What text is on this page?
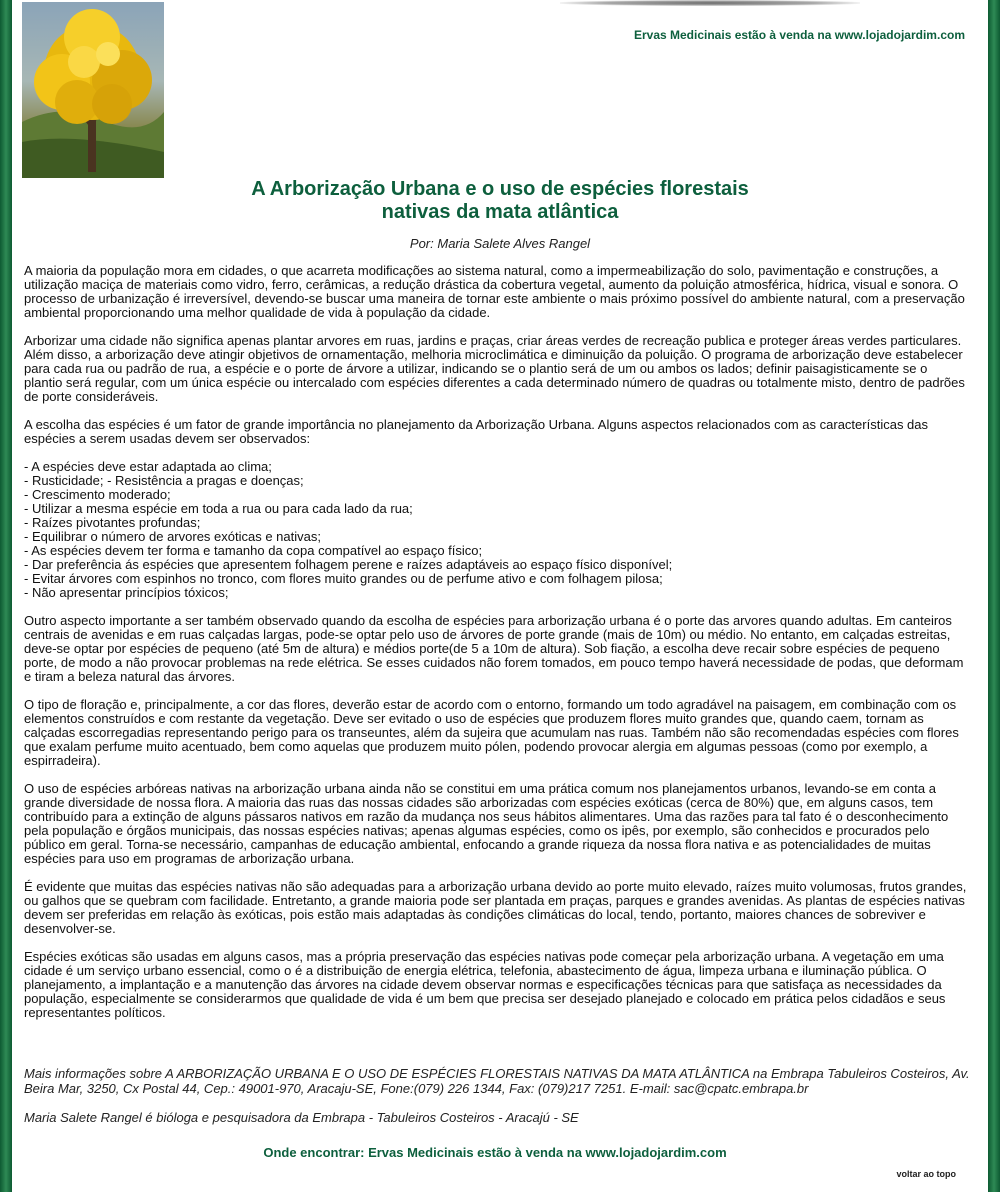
Ervas Medicinais estão à venda na www.lojadojardim.com
A Arborização Urbana e o uso de espécies florestais
nativas da mata atlântica
Por: Maria Salete Alves Rangel

A maioria da população mora em cidades, o que acarreta modificações ao sistema natural, como a impermeabilização do solo, pavimentação e construções, a utilização maciça de materiais como vidro, ferro, cerâmicas, a redução drástica da cobertura vegetal, aumento da poluição atmosférica, hídrica, visual e sonora. O processo de urbanização é irreversível, devendo-se buscar uma maneira de tornar este ambiente o mais próximo possível do ambiente natural, com a preservação ambiental proporcionando uma melhor qualidade de vida à população da cidade.

Arborizar uma cidade não significa apenas plantar arvores em ruas, jardins e praças, criar áreas verdes de recreação publica e proteger áreas verdes particulares. Além disso, a arborização deve atingir objetivos de ornamentação, melhoria microclimática e diminuição da poluição. O programa de arborização deve estabelecer para cada rua ou padrão de rua, a espécie e o porte de árvore a utilizar, indicando se o plantio será de um ou ambos os lados; definir paisagisticamente se o plantio será regular, com um única espécie ou intercalado com espécies diferentes a cada determinado número de quadras ou totalmente misto, dentro de padrões de porte consideráveis.

A escolha das espécies é um fator de grande importância no planejamento da Arborização Urbana. Alguns aspectos relacionados com as características das espécies a serem usadas devem ser observados:

- A espécies deve estar adaptada ao clima;
- Rusticidade; - Resistência a pragas e doenças;
- Crescimento moderado;
- Utilizar a mesma espécie em toda a rua ou para cada lado da rua;
- Raízes pivotantes profundas;
- Equilibrar o número de arvores exóticas e nativas;
- As espécies devem ter forma e tamanho da copa compatível ao espaço físico;
- Dar preferência ás espécies que apresentem folhagem perene e raízes adaptáveis ao espaço físico disponível;
- Evitar árvores com espinhos no tronco, com flores muito grandes ou de perfume ativo e com folhagem pilosa;
- Não apresentar princípios tóxicos;

Outro aspecto importante a ser também observado quando da escolha de espécies para arborização urbana é o porte das arvores quando adultas. Em canteiros centrais de avenidas e em ruas calçadas largas, pode-se optar pelo uso de árvores de porte grande (mais de 10m) ou médio. No entanto, em calçadas estreitas, deve-se optar por espécies de pequeno (até 5m de altura) e médios porte(de 5 a 10m de altura). Sob fiação, a escolha deve recair sobre espécies de pequeno porte, de modo a não provocar problemas na rede elétrica. Se esses cuidados não forem tomados, em pouco tempo haverá necessidade de podas, que deformam e tiram a beleza natural das árvores.

O tipo de floração e, principalmente, a cor das flores, deverão estar de acordo com o entorno, formando um todo agradável na paisagem, em combinação com os elementos construídos e com restante da vegetação. Deve ser evitado o uso de espécies que produzem flores muito grandes que, quando caem, tornam as calçadas escorregadias representando perigo para os transeuntes, além da sujeira que acumulam nas ruas. Também não são recomendadas espécies com flores que exalam perfume muito acentuado, bem como aquelas que produzem muito pólen, podendo provocar alergia em algumas pessoas (como por exemplo, a espirradeira).

O uso de espécies arbóreas nativas na arborização urbana ainda não se constitui em uma prática comum nos planejamentos urbanos, levando-se em conta a grande diversidade de nossa flora. A maioria das ruas das nossas cidades são arborizadas com espécies exóticas (cerca de 80%) que, em alguns casos, tem contribuído para a extinção de alguns pássaros nativos em razão da mudança nos seus hábitos alimentares. Uma das razões para tal fato é o desconhecimento pela população e órgãos municipais, das nossas espécies nativas; apenas algumas espécies, como os ipês, por exemplo, são conhecidos e procurados pelo público em geral. Torna-se necessário, campanhas de educação ambiental, enfocando a grande riqueza da nossa flora nativa e as potencialidades de muitas espécies para uso em programas de arborização urbana.

É evidente que muitas das espécies nativas não são adequadas para a arborização urbana devido ao porte muito elevado, raízes muito volumosas, frutos grandes, ou galhos que se quebram com facilidade. Entretanto, a grande maioria pode ser plantada em praças, parques e grandes avenidas. As plantas de espécies nativas devem ser preferidas em relação às exóticas, pois estão mais adaptadas às condições climáticas do local, tendo, portanto, maiores chances de sobreviver e desenvolver-se.

Espécies exóticas são usadas em alguns casos, mas a própria preservação das espécies nativas pode começar pela arborização urbana. A vegetação em uma cidade é um serviço urbano essencial, como o é a distribuição de energia elétrica, telefonia, abastecimento de água, limpeza urbana e iluminação pública. O planejamento, a implantação e a manutenção das árvores na cidade devem observar normas e especificações técnicas para que satisfaça as necessidades da população, especialmente se considerarmos que qualidade de vida é um bem que precisa ser desejado planejado e colocado em prática pelos cidadãos e seus representantes políticos.

Mais informações sobre A ARBORIZAÇÃO URBANA E O USO DE ESPÉCIES FLORESTAIS NATIVAS DA MATA ATLÂNTICA na Embrapa Tabuleiros Costeiros, Av. Beira Mar, 3250, Cx Postal 44, Cep.: 49001-970, Aracaju-SE, Fone:(079) 226 1344, Fax: (079)217 7251. E-mail: sac@cpatc.embrapa.br

Maria Salete Rangel é bióloga e pesquisadora da Embrapa - Tabuleiros Costeiros - Aracajú - SE

Onde encontrar: Ervas Medicinais estão à venda na www.lojadojardim.com
voltar ao topo
